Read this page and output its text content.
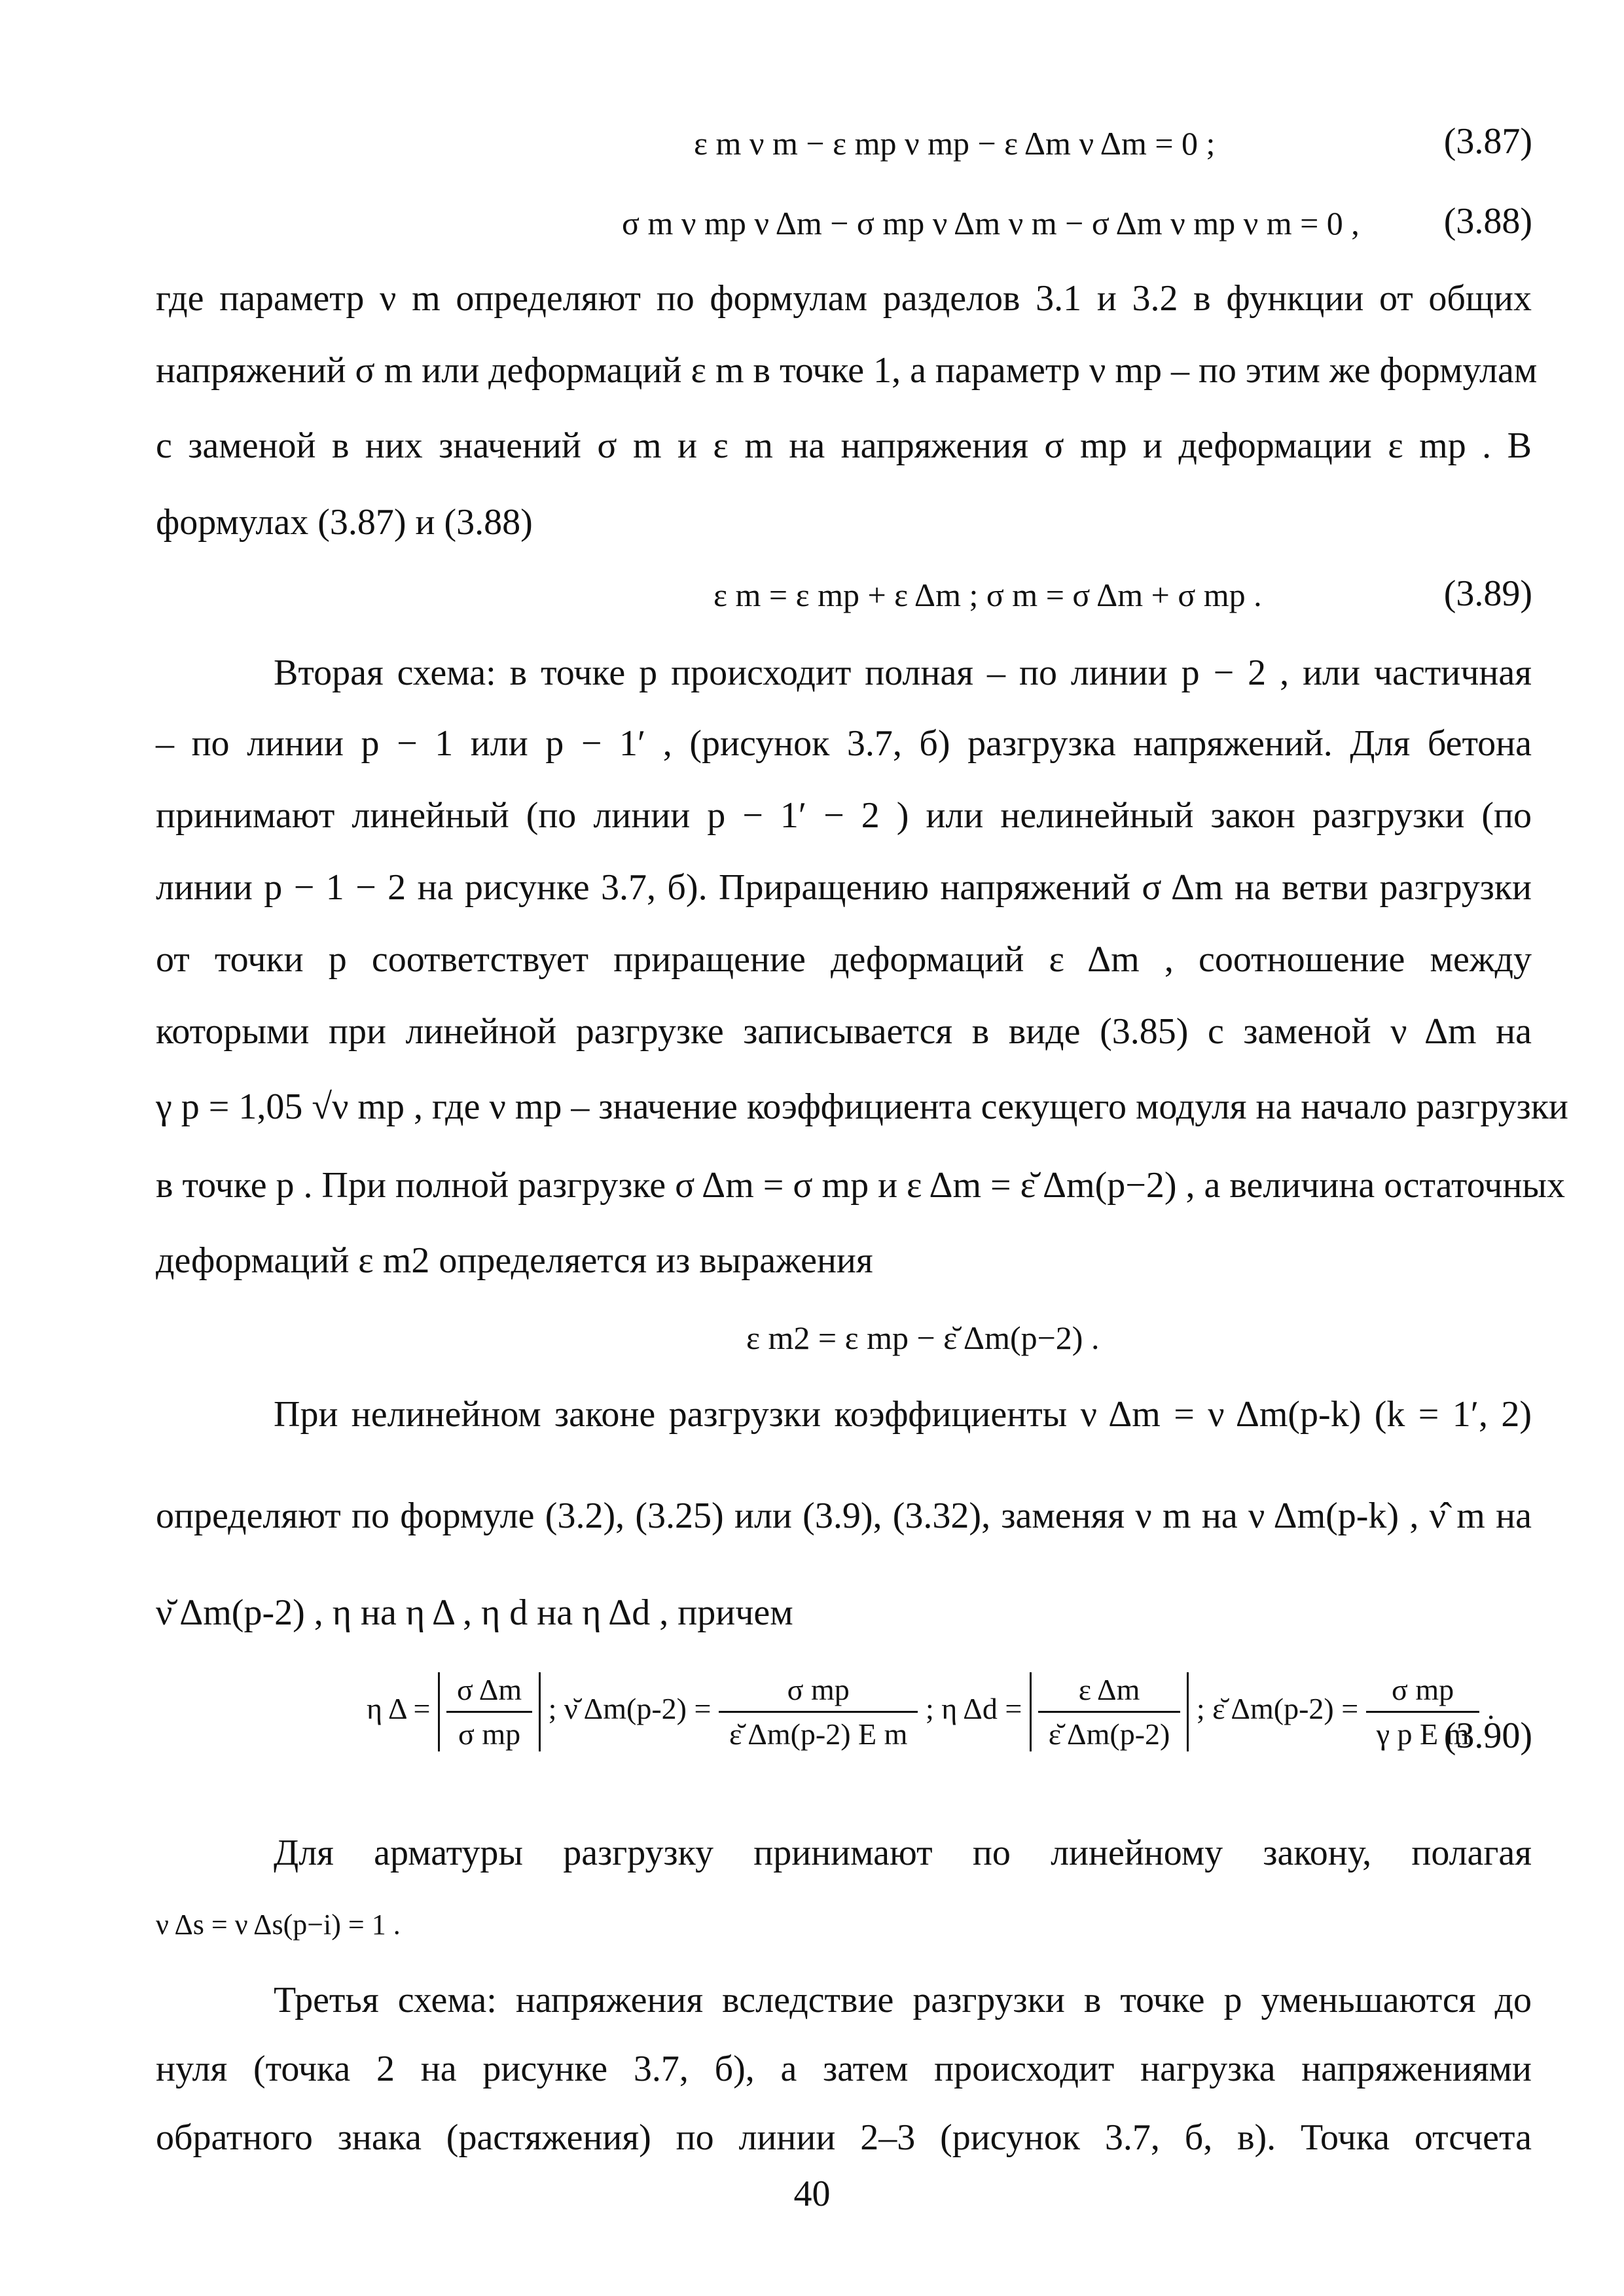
ε m ν m − ε mp ν mp − ε Δm ν Δm = 0 ;	(3.87)
σ m ν mp ν Δm − σ mp ν Δm ν m − σ Δm ν mp ν m = 0 , (3.88)
где параметр ν m определяют по формулам разделов 3.1 и 3.2 в функции от общих
напряжений σ m или деформаций ε m в точке 1, а параметр ν mp – по этим же формулам
с заменой в них значений σ m и ε m на напряжения σ mp и деформации ε mp . В
формулах (3.87) и (3.88)
ε m = ε mp + ε Δm ; σ m = σ Δm + σ mp .	(3.89)
Вторая схема: в точке p происходит полная – по линии p − 2 , или частичная
– по линии p − 1 или p − 1′ , (рисунок 3.7, б) разгрузка напряжений. Для бетона
принимают линейный (по линии p − 1′ − 2 ) или нелинейный закон разгрузки (по
линии p − 1 − 2 на рисунке 3.7, б). Приращению напряжений σ Δm на ветви разгрузки
от точки p соответствует приращение деформаций ε Δm , соотношение между
которыми при линейной разгрузке записывается в виде (3.85) с заменой ν Δm на
γ p = 1,05 √ν mp , где ν mp – значение коэффициента секущего модуля на начало разгрузки
в точке p . При полной разгрузке σ Δm = σ mp и ε Δm = ε̆ Δm(p−2) , а величина остаточных
деформаций ε m2 определяется из выражения
ε m2 = ε mp − ε̆ Δm(p−2) .
При нелинейном законе разгрузки коэффициенты ν Δm = ν Δm(p-k) (k = 1′, 2)
определяют по формуле (3.2), (3.25) или (3.9), (3.32), заменяя ν m на ν Δm(p-k) , ν̂ m на
ν̆ Δm(p-2) , η на η Δ , η d на η Δd , причем
η $\Delta = \frac{\text{σ Δm}}{\text{σ mp}}$ ; ν̆ $\Delta m(p-2) = \frac{\text{σ mp}}{\text{ε̆ Δm(p-2) E m}}$ ; η $\Delta d = \frac{\text{ε Δm}}{\varepsilon̆ \Delta m(p-2)}$ ; ε̆ $\Delta m(p-2) = \frac{\text{σ mp}}{\text{γ p E m}}$ .
(3.90)
Для арматуры разгрузку принимают по линейному закону, полагая
ν Δs = ν Δs(p−i) = 1 .
Третья схема: напряжения вследствие разгрузки в точке р уменьшаются до
нуля (точка 2 на рисунке 3.7, б), а затем происходит нагрузка напряжениями
обратного знака (растяжения) по линии 2–3 (рисунок 3.7, б, в). Точка отсчета
40
